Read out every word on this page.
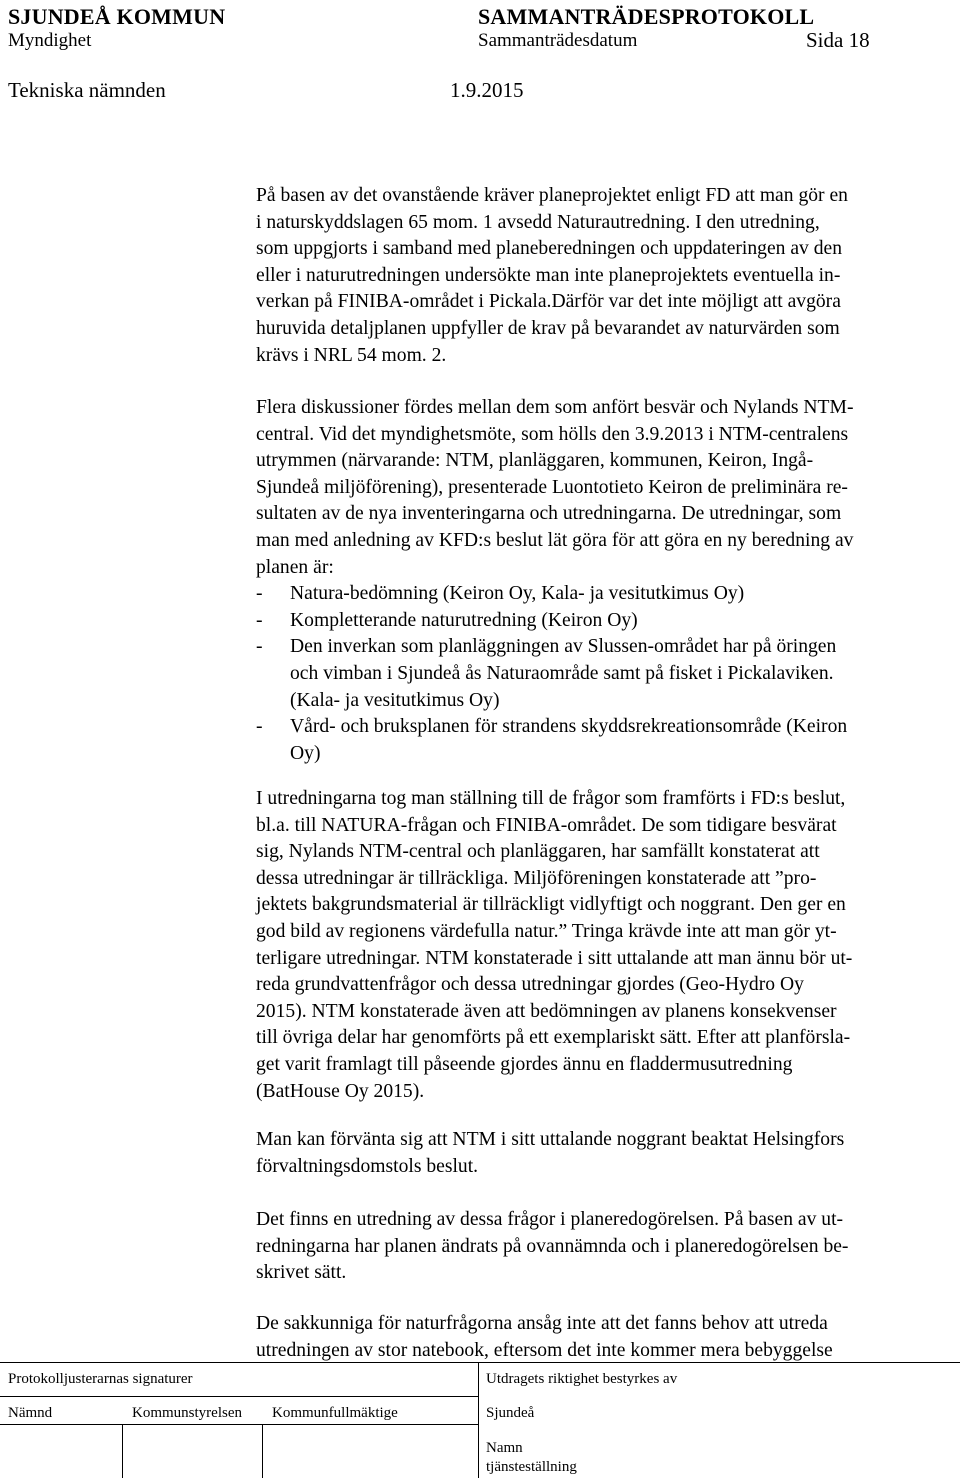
SJUNDEÅ KOMMUN	SAMMANTRÄDESPROTOKOLL
Myndighet	Sammanträdesdatum	Sida 18
Tekniska nämnden	1.9.2015
På basen av det ovanstående kräver planeprojektet enligt FD att man gör en
i naturskyddslagen 65 mom. 1 avsedd Naturautredning. I den utredning,
som uppgjorts i samband med planeberedningen och uppdateringen av den
eller i naturutredningen undersökte man inte planeprojektets eventuella in-
verkan på FINIBA-området i Pickala.Därför var det inte möjligt att avgöra
huruvida detaljplanen uppfyller de krav på bevarandet av naturvärden som
krävs i NRL 54 mom. 2.
Flera diskussioner fördes mellan dem som anfört besvär och Nylands NTM-
central. Vid det myndighetsmöte, som hölls den 3.9.2013 i NTM-centralens
utrymmen (närvarande: NTM, planläggaren, kommunen, Keiron, Ingå-
Sjundeå miljöförening), presenterade Luontotieto Keiron de preliminära re-
sultaten av de nya inventeringarna och utredningarna. De utredningar, som
man med anledning av KFD:s beslut lät göra för att göra en ny beredning av
planen är:
- Natura-bedömning (Keiron Oy, Kala- ja vesitutkimus Oy)
- Kompletterande naturutredning (Keiron Oy)
- Den inverkan som planläggningen av Slussen-området har på öringen
och vimban i Sjundeå ås Naturaområde samt på fisket i Pickalaviken.
(Kala- ja vesitutkimus Oy)
- Vård- och bruksplanen för strandens skyddsrekreationsområde (Keiron
Oy)
I utredningarna tog man ställning till de frågor som framförts i FD:s beslut,
bl.a. till NATURA-frågan och FINIBA-området. De som tidigare besvärat
sig, Nylands NTM-central och planläggaren, har samfällt konstaterat att
dessa utredningar är tillräckliga. Miljöföreningen konstaterade att ”pro-
jektets bakgrundsmaterial är tillräckligt vidlyftigt och noggrant. Den ger en
god bild av regionens värdefulla natur.” Tringa krävde inte att man gör yt-
terligare utredningar. NTM konstaterade i sitt uttalande att man ännu bör ut-
reda grundvattenfrågor och dessa utredningar gjordes (Geo-Hydro Oy
2015). NTM konstaterade även att bedömningen av planens konsekvenser
till övriga delar har genomförts på ett exemplariskt sätt. Efter att planförsla-
get varit framlagt till påseende gjordes ännu en fladdermusutredning
(BatHouse Oy 2015).
Man kan förvänta sig att NTM i sitt uttalande noggrant beaktat Helsingfors
förvaltningsdomstols beslut.
Det finns en utredning av dessa frågor i planeredogörelsen. På basen av ut-
redningarna har planen ändrats på ovannämnda och i planeredogörelsen be-
skrivet sätt.
De sakkunniga för naturfrågorna ansåg inte att det fanns behov att utreda
utredningen av stor natebook, eftersom det inte kommer mera bebyggelse
Protokolljusterarnas signaturer	Utdragets riktighet bestyrkes av
Nämnd	Kommunstyrelsen Kommunfullmäktige	Sjundeå
Namn
tjänsteställning
